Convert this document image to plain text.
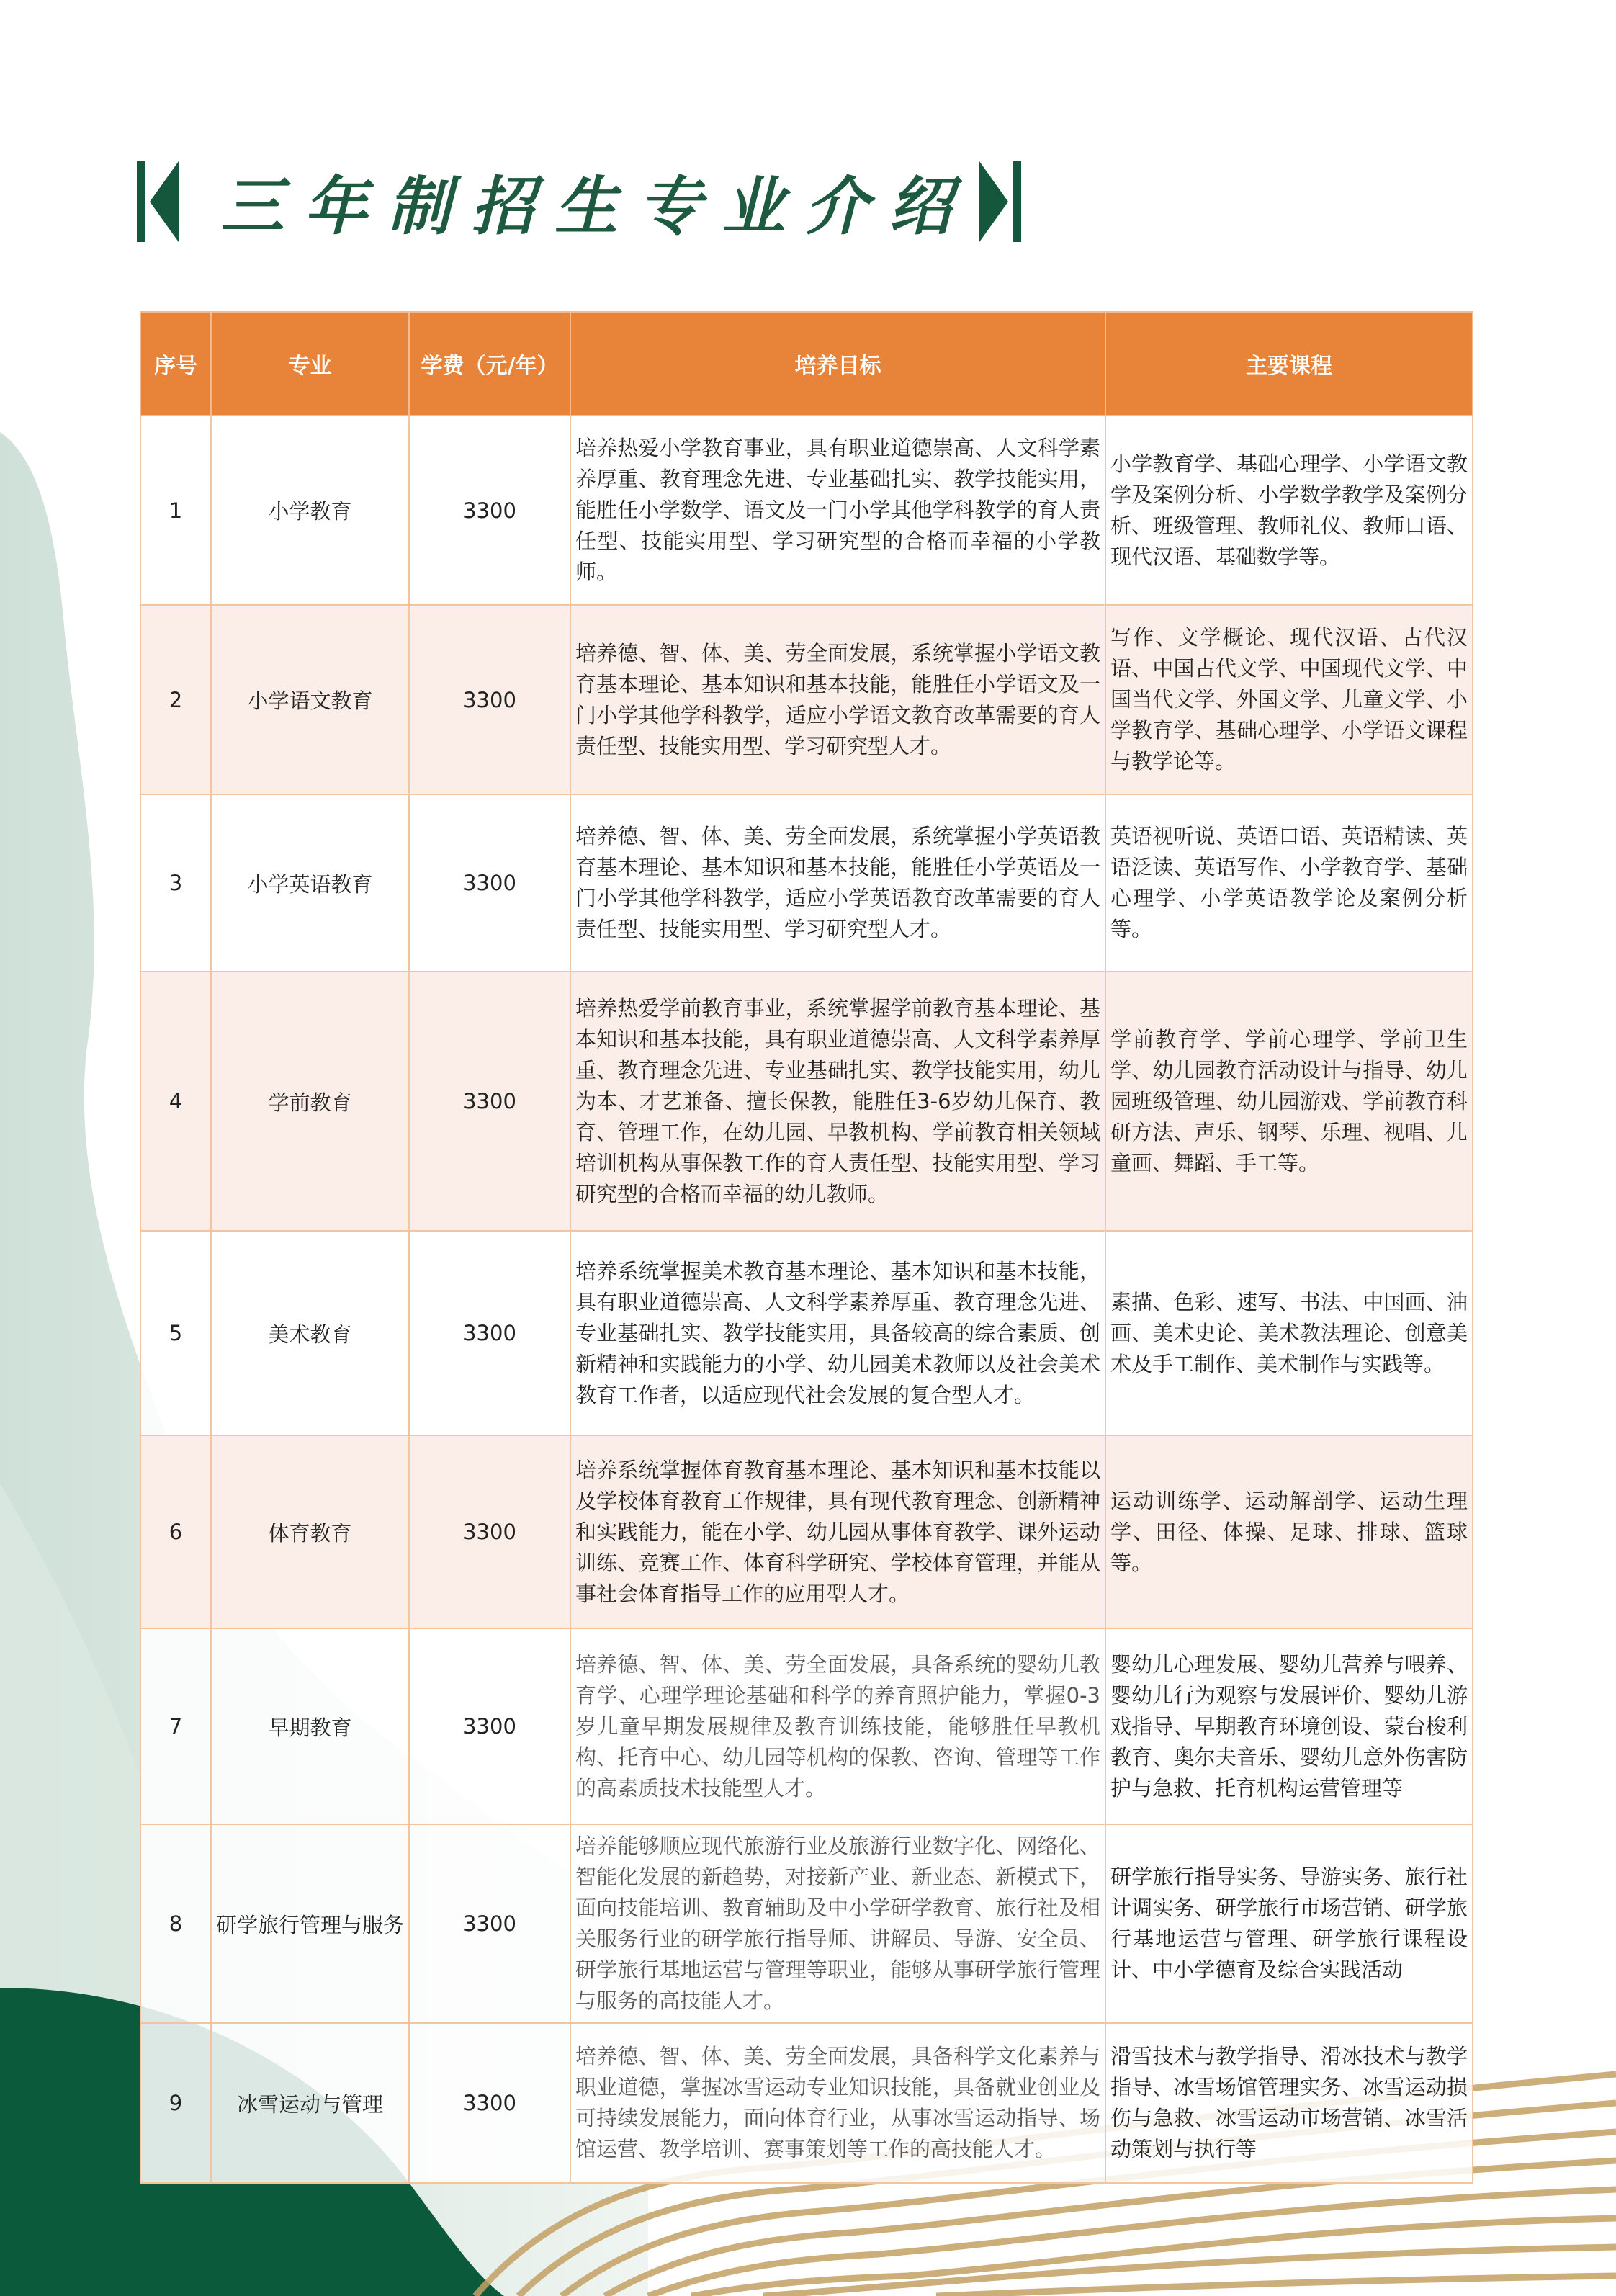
三年制招生专业介绍
序号	专业	学费（元/年）	培养目标	主要课程
1	小学教育	3300	培养热爱小学教育事业，具有职业道德崇高、人文科学素养厚重、教育理念先进、专业基础扎实、教学技能实用，能胜任小学数学、语文及一门小学其他学科教学的育人责任型、技能实用型、学习研究型的合格而幸福的小学教师。	小学教育学、基础心理学、小学语文教学及案例分析、小学数学教学及案例分析、班级管理、教师礼仪、教师口语、现代汉语、基础数学等。
2	小学语文教育	3300	培养德、智、体、美、劳全面发展，系统掌握小学语文教育基本理论、基本知识和基本技能，能胜任小学语文及一门小学其他学科教学，适应小学语文教育改革需要的育人责任型、技能实用型、学习研究型人才。	写作、文学概论、现代汉语、古代汉语、中国古代文学、中国现代文学、中国当代文学、外国文学、儿童文学、小学教育学、基础心理学、小学语文课程与教学论等。
3	小学英语教育	3300	培养德、智、体、美、劳全面发展，系统掌握小学英语教育基本理论、基本知识和基本技能，能胜任小学英语及一门小学其他学科教学，适应小学英语教育改革需要的育人责任型、技能实用型、学习研究型人才。	英语视听说、英语口语、英语精读、英语泛读、英语写作、小学教育学、基础心理学、小学英语教学论及案例分析等。
4	学前教育	3300	培养热爱学前教育事业，系统掌握学前教育基本理论、基本知识和基本技能，具有职业道德崇高、人文科学素养厚重、教育理念先进、专业基础扎实、教学技能实用，幼儿为本、才艺兼备、擅长保教，能胜任3-6岁幼儿保育、教育、管理工作，在幼儿园、早教机构、学前教育相关领域培训机构从事保教工作的育人责任型、技能实用型、学习研究型的合格而幸福的幼儿教师。	学前教育学、学前心理学、学前卫生学、幼儿园教育活动设计与指导、幼儿园班级管理、幼儿园游戏、学前教育科研方法、声乐、钢琴、乐理、视唱、儿童画、舞蹈、手工等。
5	美术教育	3300	培养系统掌握美术教育基本理论、基本知识和基本技能，具有职业道德崇高、人文科学素养厚重、教育理念先进、专业基础扎实、教学技能实用，具备较高的综合素质、创新精神和实践能力的小学、幼儿园美术教师以及社会美术教育工作者，以适应现代社会发展的复合型人才。	素描、色彩、速写、书法、中国画、油画、美术史论、美术教法理论、创意美术及手工制作、美术制作与实践等。
6	体育教育	3300	培养系统掌握体育教育基本理论、基本知识和基本技能以及学校体育教育工作规律，具有现代教育理念、创新精神和实践能力，能在小学、幼儿园从事体育教学、课外运动训练、竞赛工作、体育科学研究、学校体育管理，并能从事社会体育指导工作的应用型人才。	运动训练学、运动解剖学、运动生理学、田径、体操、足球、排球、篮球等。
7	早期教育	3300	培养德、智、体、美、劳全面发展，具备系统的婴幼儿教育学、心理学理论基础和科学的养育照护能力，掌握0-3岁儿童早期发展规律及教育训练技能，能够胜任早教机构、托育中心、幼儿园等机构的保教、咨询、管理等工作的高素质技术技能型人才。	婴幼儿心理发展、婴幼儿营养与喂养、婴幼儿行为观察与发展评价、婴幼儿游戏指导、早期教育环境创设、蒙台梭利教育、奥尔夫音乐、婴幼儿意外伤害防护与急救、托育机构运营管理等
8	研学旅行管理与服务	3300	培养能够顺应现代旅游行业及旅游行业数字化、网络化、智能化发展的新趋势，对接新产业、新业态、新模式下，面向技能培训、教育辅助及中小学研学教育、旅行社及相关服务行业的研学旅行指导师、讲解员、导游、安全员、研学旅行基地运营与管理等职业，能够从事研学旅行管理与服务的高技能人才。	研学旅行指导实务、导游实务、旅行社计调实务、研学旅行市场营销、研学旅行基地运营与管理、研学旅行课程设计、中小学德育及综合实践活动
9	冰雪运动与管理	3300	培养德、智、体、美、劳全面发展，具备科学文化素养与职业道德，掌握冰雪运动专业知识技能，具备就业创业及可持续发展能力，面向体育行业，从事冰雪运动指导、场馆运营、教学培训、赛事策划等工作的高技能人才。	滑雪技术与教学指导、滑冰技术与教学指导、冰雪场馆管理实务、冰雪运动损伤与急救、冰雪运动市场营销、冰雪活动策划与执行等
